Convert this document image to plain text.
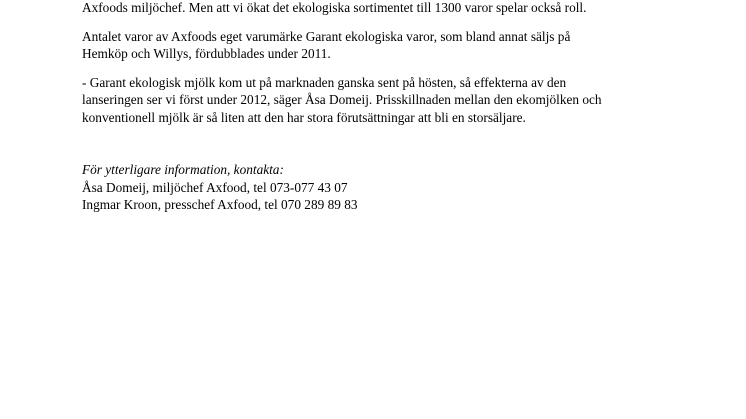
Axfoods miljöchef. Men att vi ökat det ekologiska sortimentet till 1300 varor spelar också roll.

Antalet varor av Axfoods eget varumärke Garant ekologiska varor, som bland annat säljs på
Hemköp och Willys, fördubblades under 2011.

- Garant ekologisk mjölk kom ut på marknaden ganska sent på hösten, så effekterna av den
lanseringen ser vi först under 2012, säger Åsa Domeij. Prisskillnaden mellan den ekomjölken och
konventionell mjölk är så liten att den har stora förutsättningar att bli en storsäljare.

För ytterligare information, kontakta:
Åsa Domeij, miljöchef Axfood, tel 073-077 43 07
Ingmar Kroon, presschef Axfood, tel 070 289 89 83
